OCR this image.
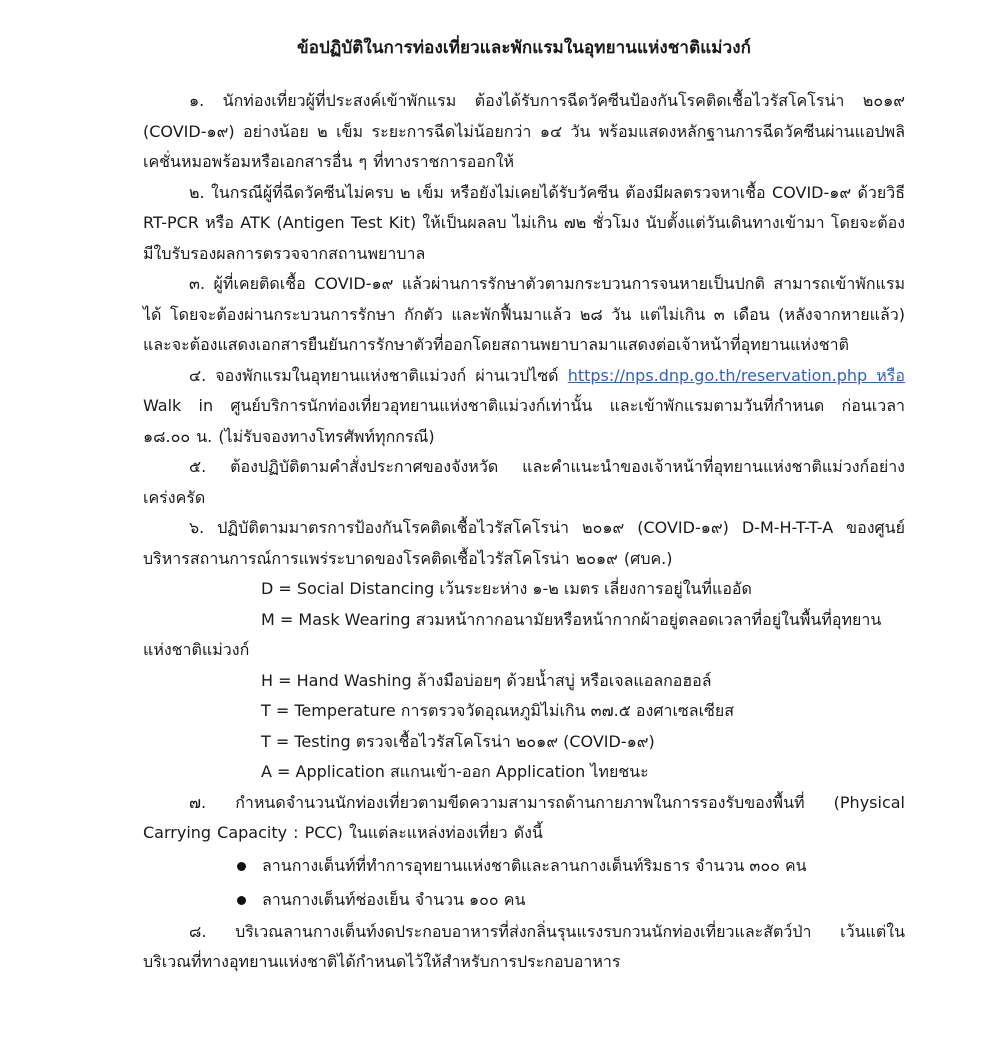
ข้อปฏิบัติในการท่องเที่ยวและพักแรมในอุทยานแห่งชาติแม่วงก์

๑. นักท่องเที่ยวผู้ที่ประสงค์เข้าพักแรม ต้องได้รับการฉีดวัคซีนป้องกันโรคติดเชื้อไวรัสโคโรน่า ๒๐๑๙ (COVID-๑๙) อย่างน้อย ๒ เข็ม ระยะการฉีดไม่น้อยกว่า ๑๔ วัน พร้อมแสดงหลักฐานการฉีดวัคซีนผ่านแอปพลิเคชั่นหมอพร้อมหรือเอกสารอื่น ๆ ที่ทางราชการออกให้

๒. ในกรณีผู้ที่ฉีดวัคซีนไม่ครบ ๒ เข็ม หรือยังไม่เคยได้รับวัคซีน ต้องมีผลตรวจหาเชื้อ COVID-๑๙ ด้วยวิธี RT-PCR หรือ ATK (Antigen Test Kit) ให้เป็นผลลบ ไม่เกิน ๗๒ ชั่วโมง นับตั้งแต่วันเดินทางเข้ามา โดยจะต้องมีใบรับรองผลการตรวจจากสถานพยาบาล

๓. ผู้ที่เคยติดเชื้อ COVID-๑๙ แล้วผ่านการรักษาตัวตามกระบวนการจนหายเป็นปกติ สามารถเข้าพักแรมได้ โดยจะต้องผ่านกระบวนการรักษา กักตัว และพักฟื้นมาแล้ว ๒๘ วัน แต่ไม่เกิน ๓ เดือน (หลังจากหายแล้ว) และจะต้องแสดงเอกสารยืนยันการรักษาตัวที่ออกโดยสถานพยาบาลมาแสดงต่อเจ้าหน้าที่อุทยานแห่งชาติ

๔. จองพักแรมในอุทยานแห่งชาติแม่วงก์ ผ่านเวปไซด์ https://nps.dnp.go.th/reservation.php หรือ Walk in ศูนย์บริการนักท่องเที่ยวอุทยานแห่งชาติแม่วงก์เท่านั้น และเข้าพักแรมตามวันที่กำหนด ก่อนเวลา ๑๘.๐๐ น. (ไม่รับจองทางโทรศัพท์ทุกกรณี)

๕. ต้องปฏิบัติตามคำสั่งประกาศของจังหวัด และคำแนะนำของเจ้าหน้าที่อุทยานแห่งชาติแม่วงก์อย่างเคร่งครัด

๖. ปฏิบัติตามมาตรการป้องกันโรคติดเชื้อไวรัสโคโรน่า ๒๐๑๙ (COVID-๑๙) D-M-H-T-T-A ของศูนย์บริหารสถานการณ์การแพร่ระบาดของโรคติดเชื้อไวรัสโคโรน่า ๒๐๑๙ (ศบค.)

D = Social Distancing เว้นระยะห่าง ๑-๒ เมตร เลี่ยงการอยู่ในที่แออัด

M = Mask Wearing สวมหน้ากากอนามัยหรือหน้ากากผ้าอยู่ตลอดเวลาที่อยู่ในพื้นที่อุทยานแห่งชาติแม่วงก์

H = Hand Washing ล้างมือบ่อยๆ ด้วยน้ำสบู่ หรือเจลแอลกอฮอล์

T = Temperature การตรวจวัดอุณหภูมิไม่เกิน ๓๗.๕ องศาเซลเซียส

T = Testing ตรวจเชื้อไวรัสโคโรน่า ๒๐๑๙ (COVID-๑๙)

A = Application สแกนเข้า-ออก Application ไทยชนะ

๗. กำหนดจำนวนนักท่องเที่ยวตามขีดความสามารถด้านกายภาพในการรองรับของพื้นที่ (Physical Carrying Capacity : PCC) ในแต่ละแหล่งท่องเที่ยว ดังนี้

ลานกางเต็นท์ที่ทำการอุทยานแห่งชาติและลานกางเต็นท์ริมธาร จำนวน ๓๐๐ คน

ลานกางเต็นท์ช่องเย็น จำนวน ๑๐๐ คน

๘. บริเวณลานกางเต็นท์งดประกอบอาหารที่ส่งกลิ่นรุนแรงรบกวนนักท่องเที่ยวและสัตว์ป่า เว้นแต่ในบริเวณที่ทางอุทยานแห่งชาติได้กำหนดไว้ให้สำหรับการประกอบอาหาร
